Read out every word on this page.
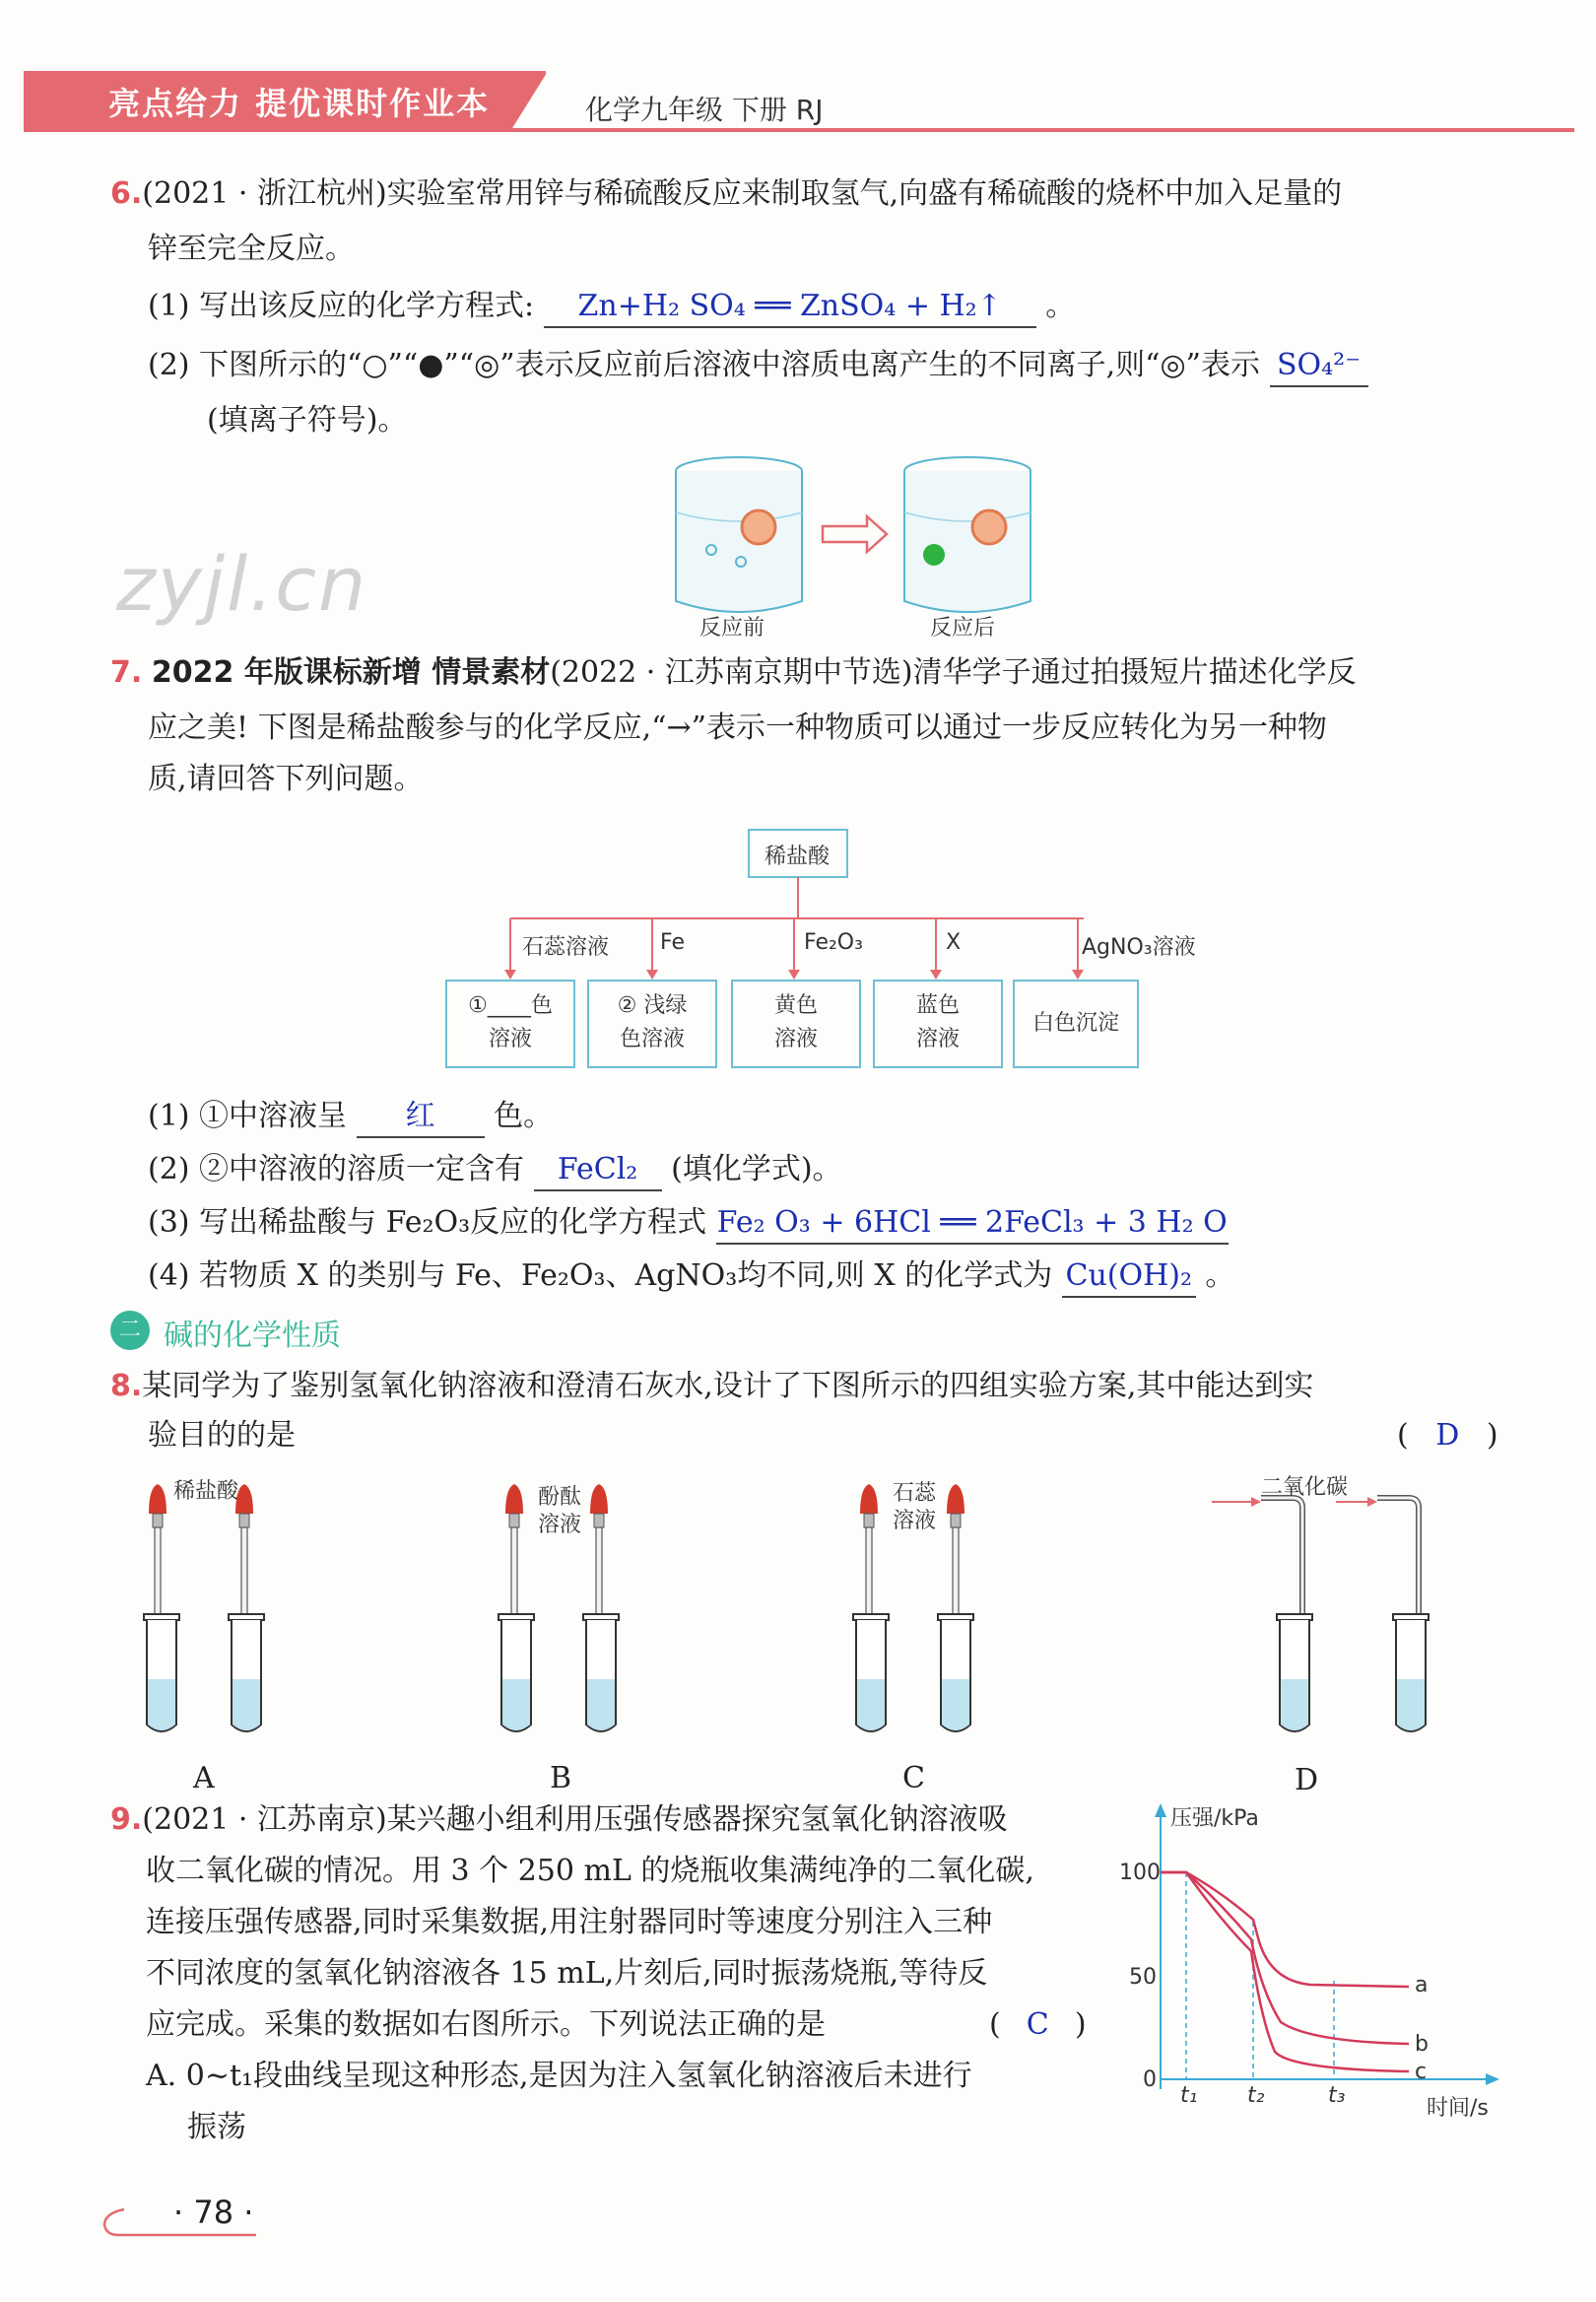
亮点给力 提优课时作业本	化学九年级 下册 RJ
zyjl.cn
6.(2021 · 浙江杭州)实验室常用锌与稀硫酸反应来制取氢气,向盛有稀硫酸的烧杯中加入足量的
锌至完全反应。
(1) 写出该反应的化学方程式: Zn+H₂ SO₄ ══ ZnSO₄ + H₂↑ 。
(2) 下图所示的“○”“●”“◎”表示反应前后溶液中溶质电离产生的不同离子,则“◎”表示 SO₄²⁻
(填离子符号)。
反应前	反应后
7. 2022 年版课标新增 情景素材(2022 · 江苏南京期中节选)清华学子通过拍摄短片描述化学反
应之美! 下图是稀盐酸参与的化学反应,“→”表示一种物质可以通过一步反应转化为另一种物
质,请回答下列问题。
稀盐酸
石蕊溶液 Fe	Fe₂O₃	X	AgNO₃溶液
①____色
溶液
② 浅绿
色溶液
黄色
溶液
蓝色
溶液
白色沉淀
(1) ①中溶液呈 红 色。
(2) ②中溶液的溶质一定含有 FeCl₂ (填化学式)。
(3) 写出稀盐酸与 Fe₂O₃反应的化学方程式 Fe₂ O₃ + 6HCl ══ 2FeCl₃ + 3 H₂ O
(4) 若物质 X 的类别与 Fe、Fe₂O₃、AgNO₃均不同,则 X 的化学式为 Cu(OH)₂ 。
二 碱的化学性质
8.某同学为了鉴别氢氧化钠溶液和澄清石灰水,设计了下图所示的四组实验方案,其中能达到实
验目的的是	( D )
稀盐酸	酚酞
溶液
石蕊
溶液
二氧化碳
A	B	C	D
9.(2021 · 江苏南京)某兴趣小组利用压强传感器探究氢氧化钠溶液吸
收二氧化碳的情况。用 3 个 250 mL 的烧瓶收集满纯净的二氧化碳,
连接压强传感器,同时采集数据,用注射器同时等速度分别注入三种
不同浓度的氢氧化钠溶液各 15 mL,片刻后,同时振荡烧瓶,等待反
应完成。采集的数据如右图所示。下列说法正确的是	( C )
A. 0~t₁段曲线呈现这种形态,是因为注入氢氧化钠溶液后未进行
振荡
压强/kPa
时间/s
100
50
0
t₁ t₂	t₃
a
b
c
· 78 ·
